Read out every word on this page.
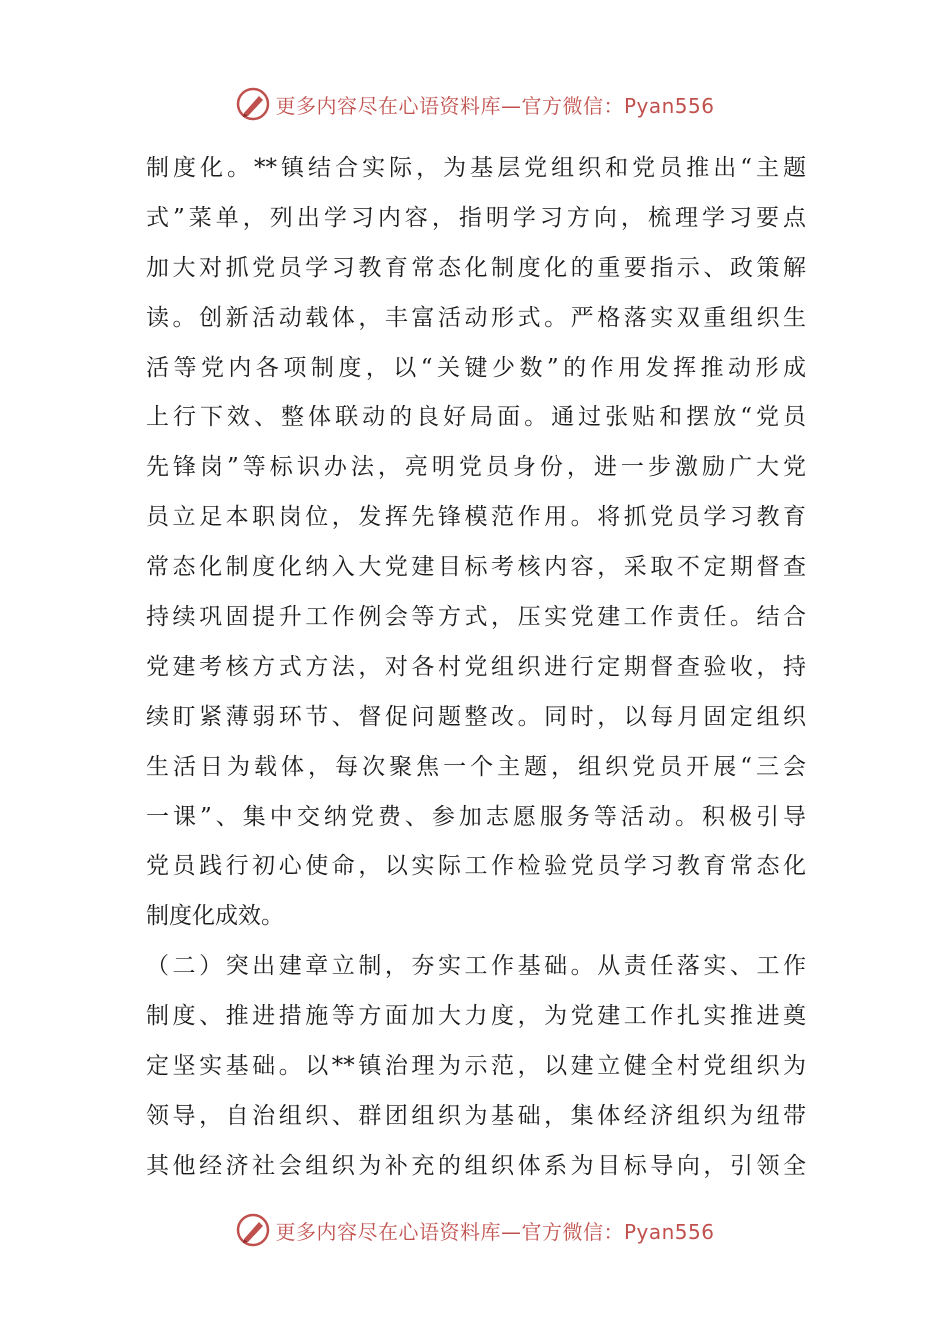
更多内容尽在心语资料库—官方微信：Pyan556
制度化。**镇结合实际，为基层党组织和党员推出“主题
式”菜单，列出学习内容，指明学习方向，梳理学习要点
加大对抓党员学习教育常态化制度化的重要指示、政策解
读。创新活动载体，丰富活动形式。严格落实双重组织生
活等党内各项制度，以“关键少数”的作用发挥推动形成
上行下效、整体联动的良好局面。通过张贴和摆放“党员
先锋岗”等标识办法，亮明党员身份，进一步激励广大党
员立足本职岗位，发挥先锋模范作用。将抓党员学习教育
常态化制度化纳入大党建目标考核内容，采取不定期督查
持续巩固提升工作例会等方式，压实党建工作责任。结合
党建考核方式方法，对各村党组织进行定期督查验收，持
续盯紧薄弱环节、督促问题整改。同时，以每月固定组织
生活日为载体，每次聚焦一个主题，组织党员开展“三会
一课”、集中交纳党费、参加志愿服务等活动。积极引导
党员践行初心使命，以实际工作检验党员学习教育常态化
制度化成效。
（二）突出建章立制，夯实工作基础。从责任落实、工作
制度、推进措施等方面加大力度，为党建工作扎实推进奠
定坚实基础。以**镇治理为示范，以建立健全村党组织为
领导，自治组织、群团组织为基础，集体经济组织为纽带
其他经济社会组织为补充的组织体系为目标导向，引领全
更多内容尽在心语资料库—官方微信：Pyan556
